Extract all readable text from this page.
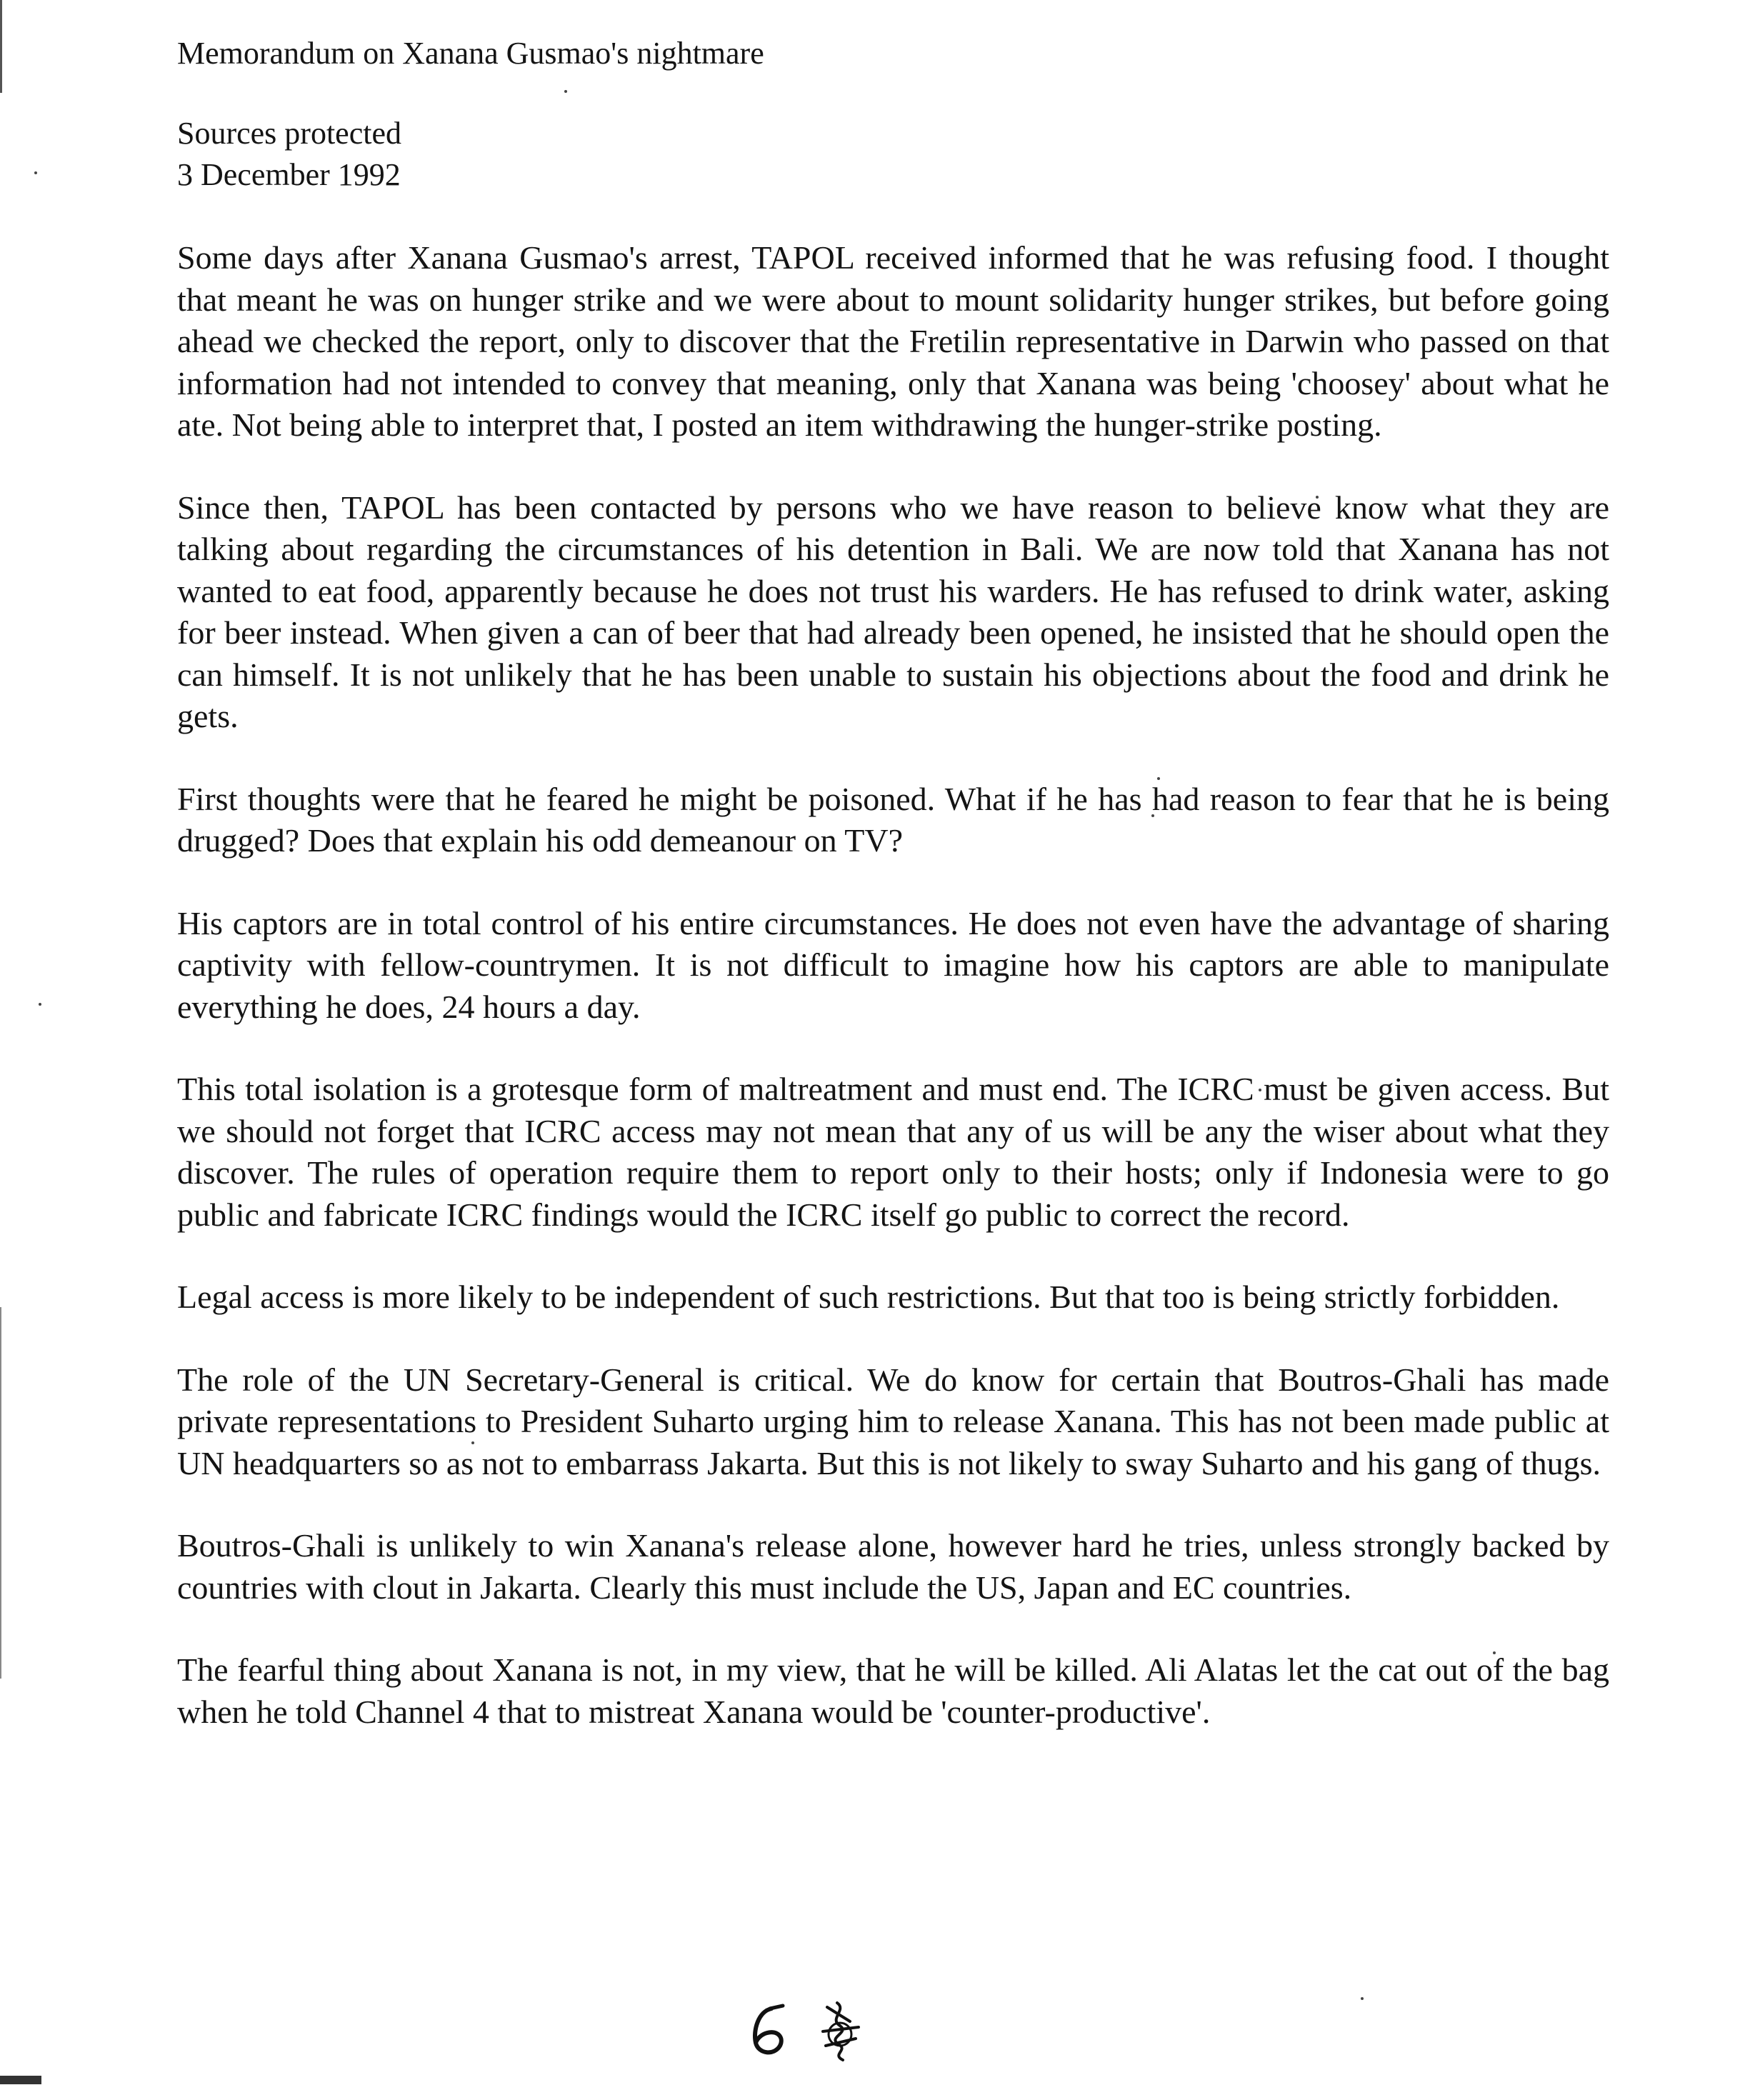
Memorandum on Xanana Gusmao's nightmare
Sources protected
3 December 1992

Some days after Xanana Gusmao's arrest, TAPOL received informed that he was refusing food. I thought that meant he was on hunger strike and we were about to mount solidarity hunger strikes, but before going ahead we checked the report, only to discover that the Fretilin representative in Darwin who passed on that information had not intended to convey that meaning, only that Xanana was being 'choosey' about what he ate. Not being able to interpret that, I posted an item withdrawing the hunger-strike posting.

Since then, TAPOL has been contacted by persons who we have reason to believe know what they are talking about regarding the circumstances of his detention in Bali. We are now told that Xanana has not wanted to eat food, apparently because he does not trust his warders. He has refused to drink water, asking for beer instead. When given a can of beer that had already been opened, he insisted that he should open the can himself. It is not unlikely that he has been unable to sustain his objections about the food and drink he gets.

First thoughts were that he feared he might be poisoned. What if he has had reason to fear that he is being drugged? Does that explain his odd demeanour on TV?

His captors are in total control of his entire circumstances. He does not even have the advantage of sharing captivity with fellow-countrymen. It is not difficult to imagine how his captors are able to manipulate everything he does, 24 hours a day.

This total isolation is a grotesque form of maltreatment and must end. The ICRC must be given access. But we should not forget that ICRC access may not mean that any of us will be any the wiser about what they discover. The rules of operation require them to report only to their hosts; only if Indonesia were to go public and fabricate ICRC findings would the ICRC itself go public to correct the record.

Legal access is more likely to be independent of such restrictions. But that too is being strictly forbidden.

The role of the UN Secretary-General is critical. We do know for certain that Boutros-Ghali has made private representations to President Suharto urging him to release Xanana. This has not been made public at UN headquarters so as not to embarrass Jakarta. But this is not likely to sway Suharto and his gang of thugs.

Boutros-Ghali is unlikely to win Xanana's release alone, however hard he tries, unless strongly backed by countries with clout in Jakarta. Clearly this must include the US, Japan and EC countries.

The fearful thing about Xanana is not, in my view, that he will be killed. Ali Alatas let the cat out of the bag when he told Channel 4 that to mistreat Xanana would be 'counter-productive'.
